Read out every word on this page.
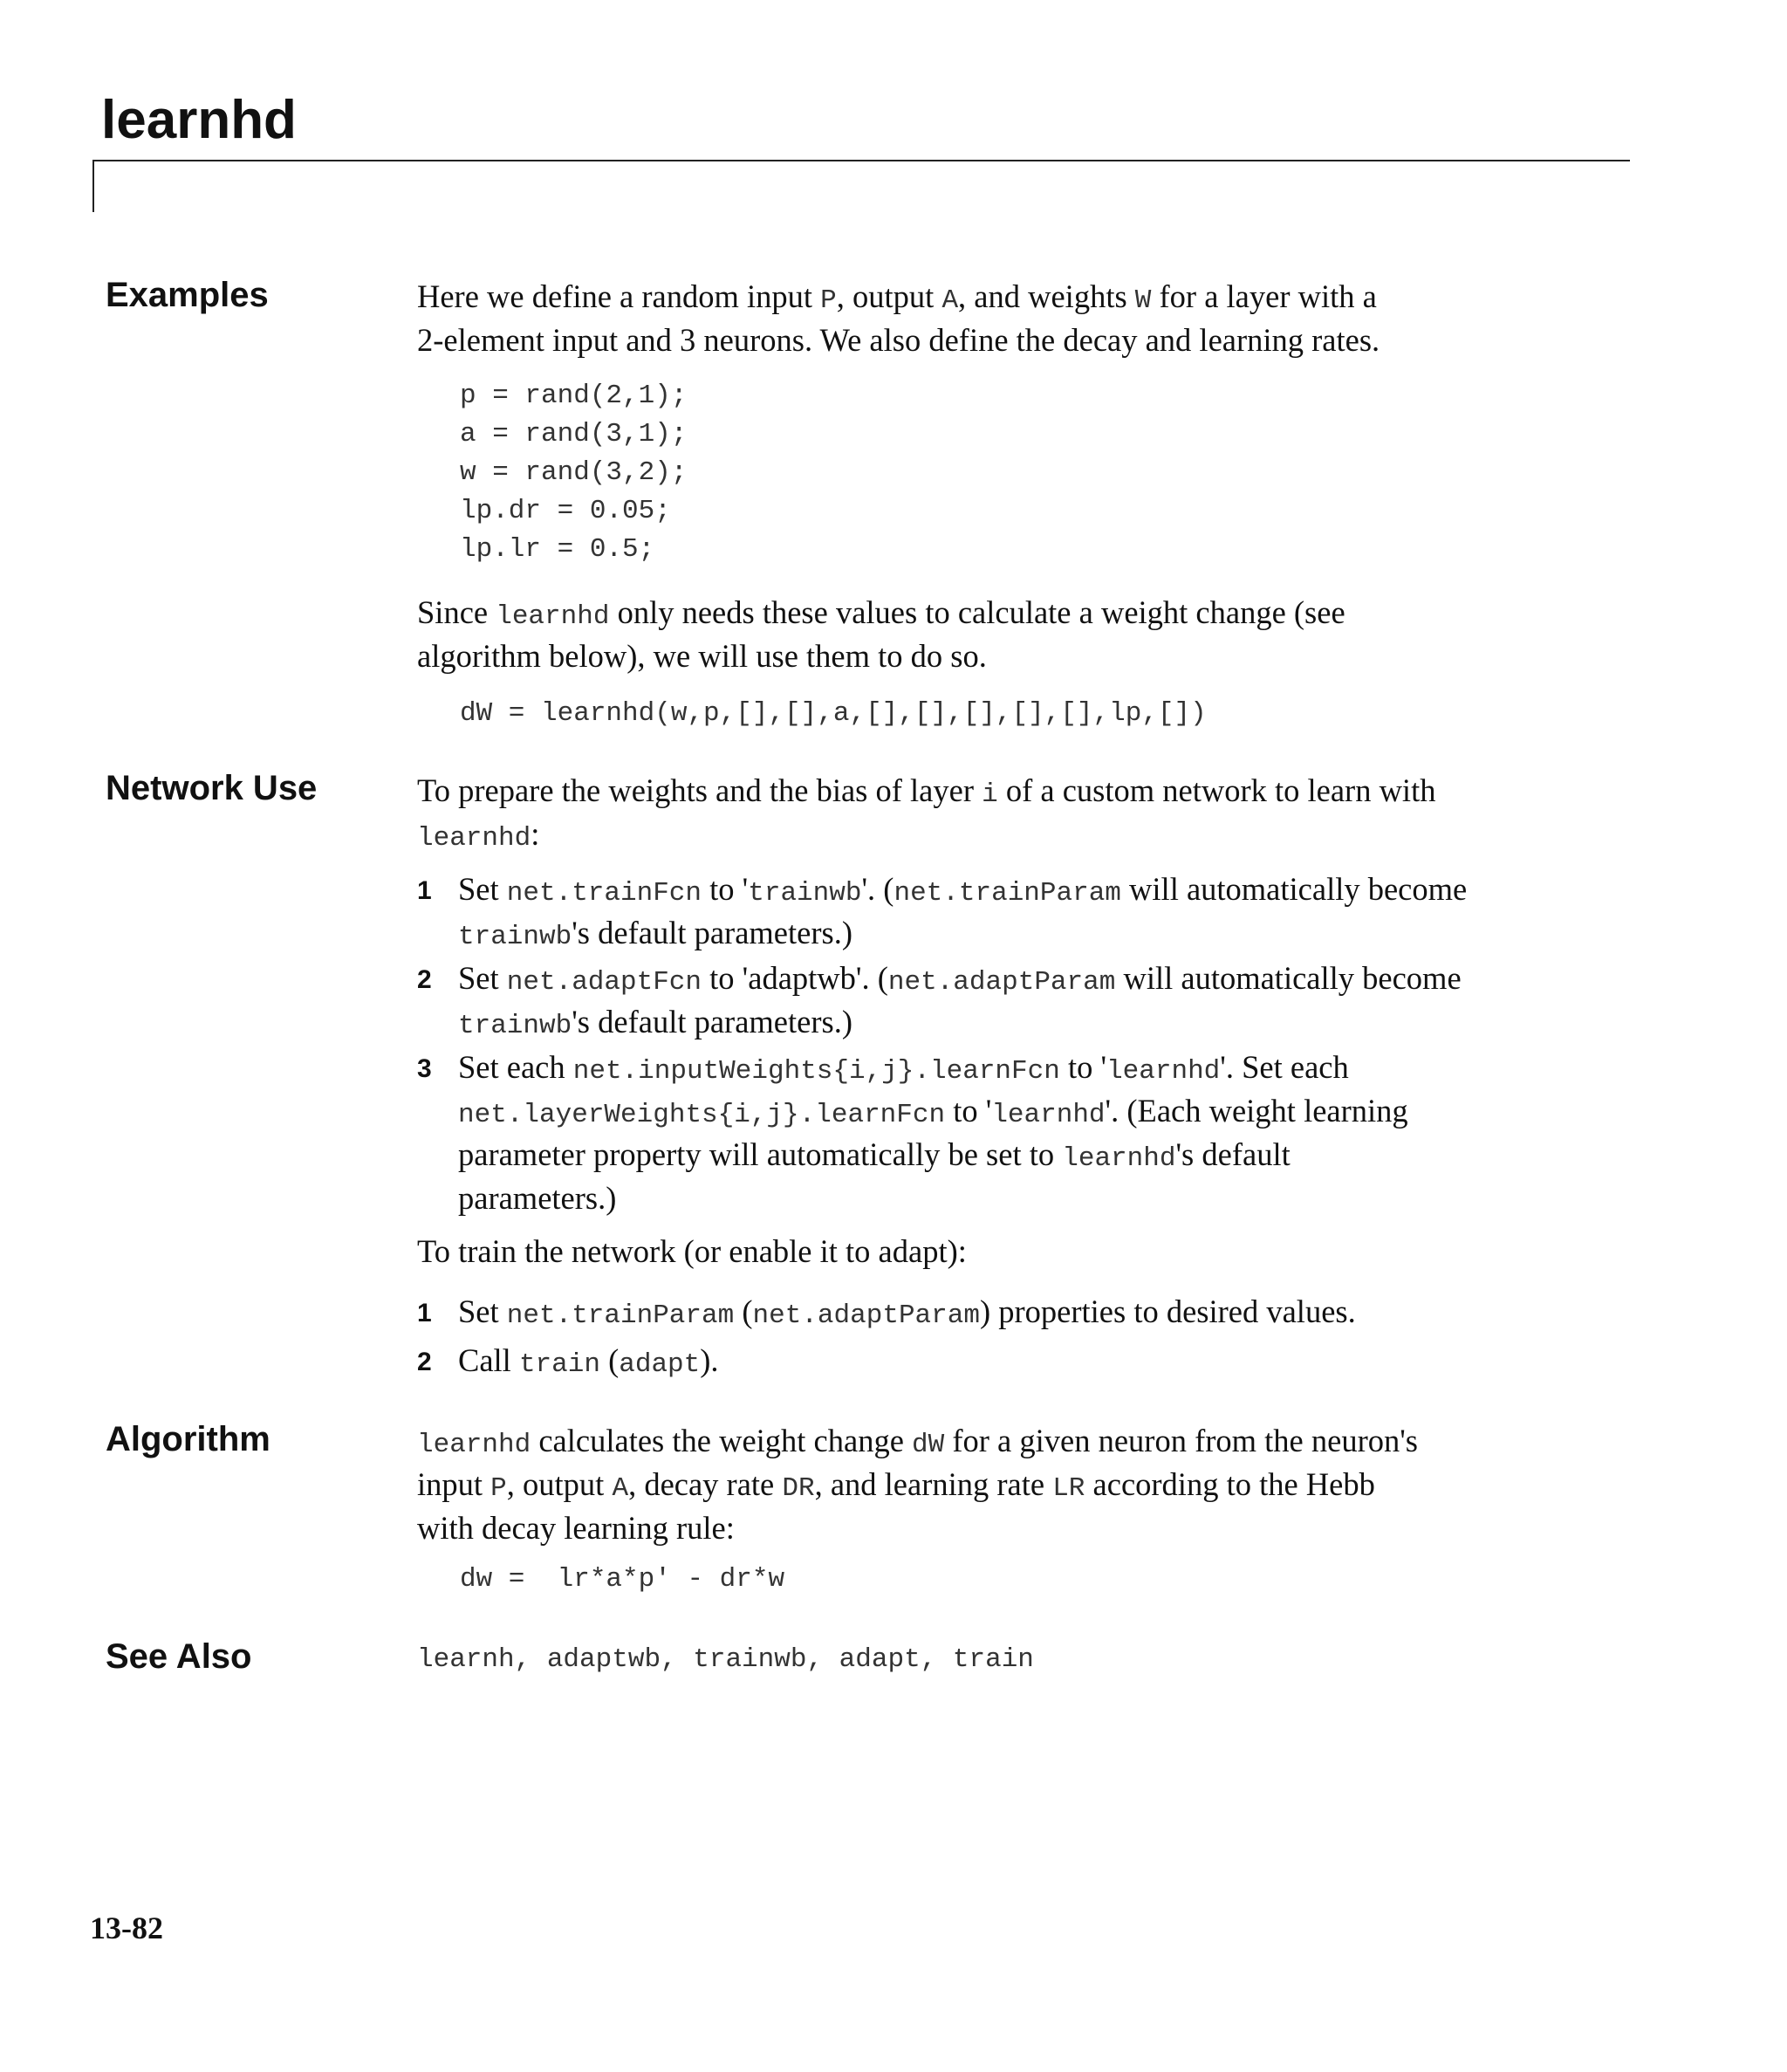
learnhd
Examples	Here we define a random input P, output A, and weights W for a layer with a
2-element input and 3 neurons. We also define the decay and learning rates.

p = rand(2,1);
a = rand(3,1);
w = rand(3,2);
lp.dr = 0.05;
lp.lr = 0.5;

Since learnhd only needs these values to calculate a weight change (see
algorithm below), we will use them to do so.

dW = learnhd(w,p,[],[],a,[],[],[],[],[],lp,[])
Network Use	To prepare the weights and the bias of layer i of a custom network to learn with
learnhd:

1 Set net.trainFcn to 'trainwb'. (net.trainParam will automatically become
trainwb's default parameters.)
2 Set net.adaptFcn to 'adaptwb'. (net.adaptParam will automatically become
trainwb's default parameters.)
3 Set each net.inputWeights{i,j}.learnFcn to 'learnhd'. Set each
net.layerWeights{i,j}.learnFcn to 'learnhd'. (Each weight learning
parameter property will automatically be set to learnhd's default
parameters.)

To train the network (or enable it to adapt):

1 Set net.trainParam (net.adaptParam) properties to desired values.
2 Call train (adapt).
Algorithm	learnhd calculates the weight change dW for a given neuron from the neuron's
input P, output A, decay rate DR, and learning rate LR according to the Hebb
with decay learning rule:

dw =  lr*a*p' - dr*w
See Also	learnh, adaptwb, trainwb, adapt, train

13-82
